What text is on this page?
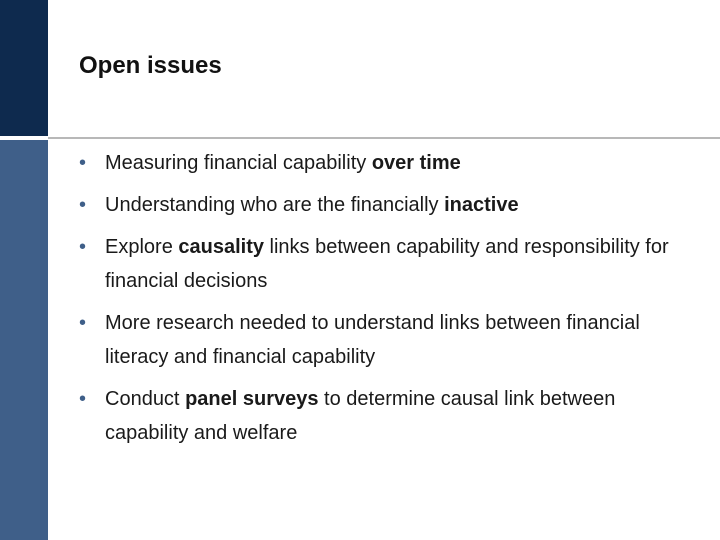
Open issues
• Measuring financial capability over time
• Understanding who are the financially inactive
• Explore causality links between capability and responsibility for financial decisions
• More research needed to understand links between financial literacy and financial capability
• Conduct panel surveys to determine causal link between capability and welfare
